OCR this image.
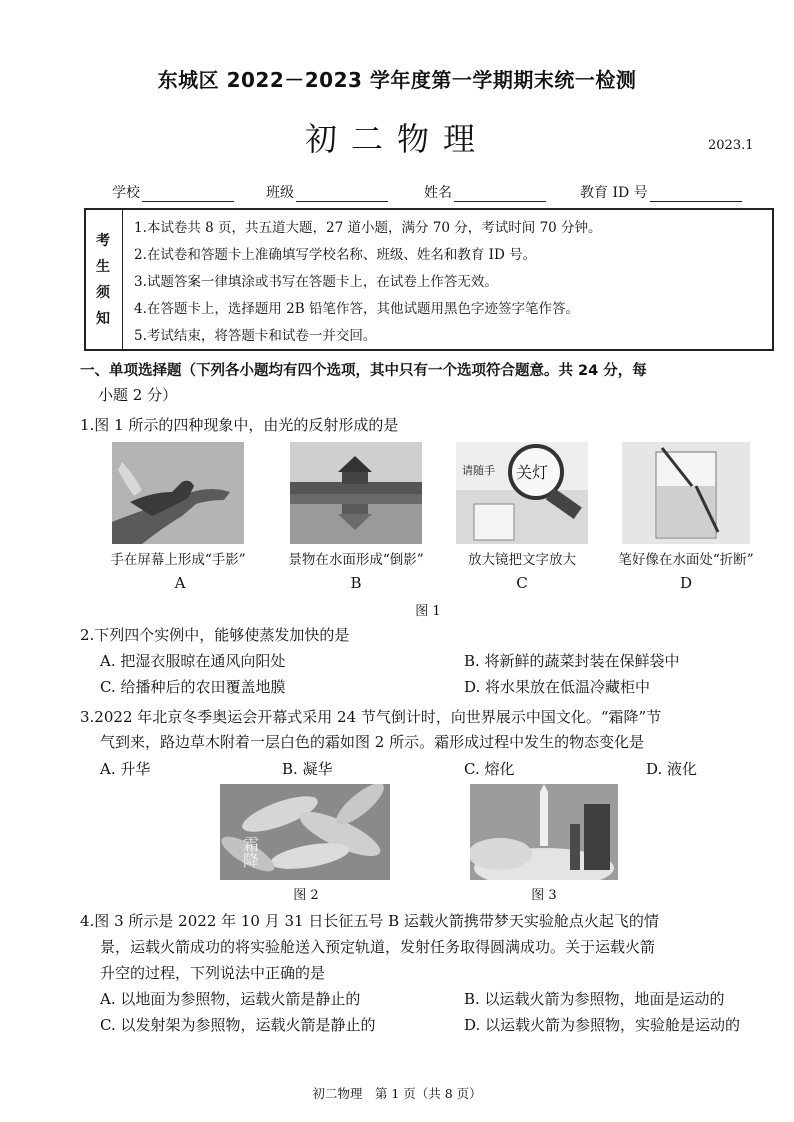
东城区 2022－2023 学年度第一学期期末统一检测
初二物理	2023.1
学校	班级	姓名	教育 ID 号
考
生
须
知
1.本试卷共 8 页，共五道大题，27 道小题，满分 70 分，考试时间 70 分钟。
2.在试卷和答题卡上准确填写学校名称、班级、姓名和教育 ID 号。
3.试题答案一律填涂或书写在答题卡上，在试卷上作答无效。
4.在答题卡上，选择题用 2B 铅笔作答，其他试题用黑色字迹签字笔作答。
5.考试结束，将答题卡和试卷一并交回。
一、单项选择题（下列各小题均有四个选项，其中只有一个选项符合题意。共 24 分，每
小题 2 分）
1.图 1 所示的四种现象中，由光的反射形成的是
请随手 关灯
手在屏幕上形成“手影”	景物在水面形成“倒影”	放大镜把文字放大	笔好像在水面处“折断”
A	B	C	D
图 1
2.下列四个实例中，能够使蒸发加快的是
A. 把湿衣服晾在通风向阳处	B. 将新鲜的蔬菜封装在保鲜袋中
C. 给播种后的农田覆盖地膜	D. 将水果放在低温冷藏柜中
3.2022 年北京冬季奥运会开幕式采用 24 节气倒计时，向世界展示中国文化。“霜降”节
气到来，路边草木附着一层白色的霜如图 2 所示。霜形成过程中发生的物态变化是
A. 升华	B. 凝华	C. 熔化	D. 液化
霜降
图 2	图 3
4.图 3 所示是 2022 年 10 月 31 日长征五号 B 运载火箭携带梦天实验舱点火起飞的情
景，运载火箭成功的将实验舱送入预定轨道，发射任务取得圆满成功。关于运载火箭
升空的过程，下列说法中正确的是
A. 以地面为参照物，运载火箭是静止的	B. 以运载火箭为参照物，地面是运动的
C. 以发射架为参照物，运载火箭是静止的	D. 以运载火箭为参照物，实验舱是运动的
初二物理　第 1 页（共 8 页）
